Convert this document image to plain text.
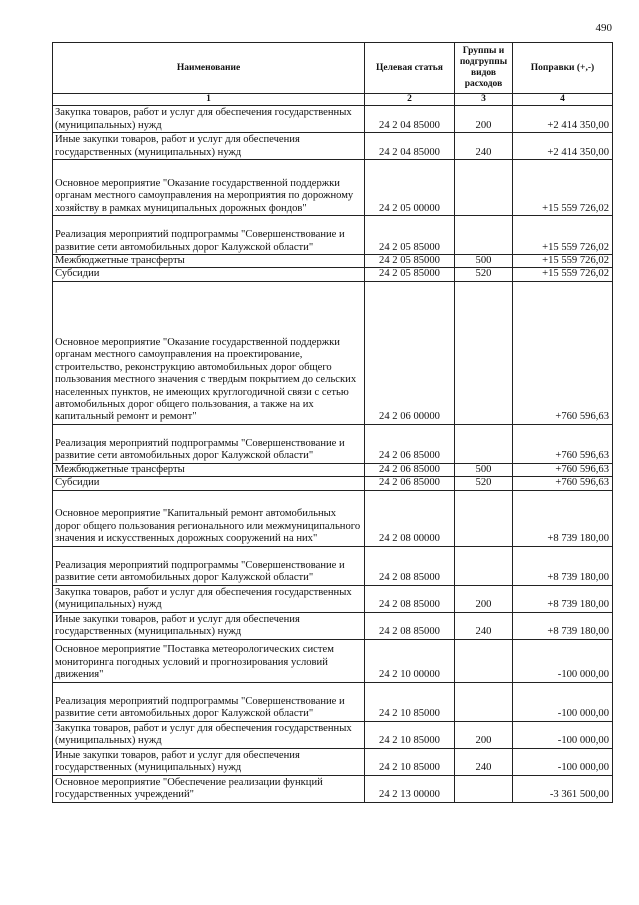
490
Наименование	Целевая статья	Группы и подгруппы видов расходов	Поправки (+,-)
1	2	3	4
Закупка товаров, работ и услуг для обеспечения государственных (муниципальных) нужд	24 2 04 85000	200	+2 414 350,00
Иные закупки товаров, работ и услуг для обеспечения государственных (муниципальных) нужд	24 2 04 85000	240	+2 414 350,00
Основное мероприятие "Оказание государственной поддержки органам местного самоуправления на мероприятия по дорожному хозяйству в рамках муниципальных дорожных фондов"	24 2 05 00000		+15 559 726,02
Реализация мероприятий подпрограммы "Совершенствование и развитие сети автомобильных дорог Калужской области"	24 2 05 85000		+15 559 726,02
Межбюджетные трансферты	24 2 05 85000	500	+15 559 726,02
Субсидии	24 2 05 85000	520	+15 559 726,02
Основное мероприятие "Оказание государственной поддержки органам местного самоуправления на проектирование, строительство, реконструкцию автомобильных дорог общего пользования местного значения с твердым покрытием до сельских населенных пунктов, не имеющих круглогодичной связи с сетью автомобильных дорог общего пользования, а также на их капитальный ремонт и ремонт"	24 2 06 00000		+760 596,63
Реализация мероприятий подпрограммы "Совершенствование и развитие сети автомобильных дорог Калужской области"	24 2 06 85000		+760 596,63
Межбюджетные трансферты	24 2 06 85000	500	+760 596,63
Субсидии	24 2 06 85000	520	+760 596,63
Основное мероприятие "Капитальный ремонт автомобильных дорог общего пользования регионального или межмуниципального значения и искусственных дорожных сооружений на них"	24 2 08 00000		+8 739 180,00
Реализация мероприятий подпрограммы "Совершенствование и развитие сети автомобильных дорог Калужской области"	24 2 08 85000		+8 739 180,00
Закупка товаров, работ и услуг для обеспечения государственных (муниципальных) нужд	24 2 08 85000	200	+8 739 180,00
Иные закупки товаров, работ и услуг для обеспечения государственных (муниципальных) нужд	24 2 08 85000	240	+8 739 180,00
Основное мероприятие "Поставка метеорологических систем мониторинга погодных условий и прогнозирования условий движения"	24 2 10 00000		-100 000,00
Реализация мероприятий подпрограммы "Совершенствование и развитие сети автомобильных дорог Калужской области"	24 2 10 85000		-100 000,00
Закупка товаров, работ и услуг для обеспечения государственных (муниципальных) нужд	24 2 10 85000	200	-100 000,00
Иные закупки товаров, работ и услуг для обеспечения государственных (муниципальных) нужд	24 2 10 85000	240	-100 000,00
Основное мероприятие "Обеспечение реализации функций государственных учреждений"	24 2 13 00000		-3 361 500,00
